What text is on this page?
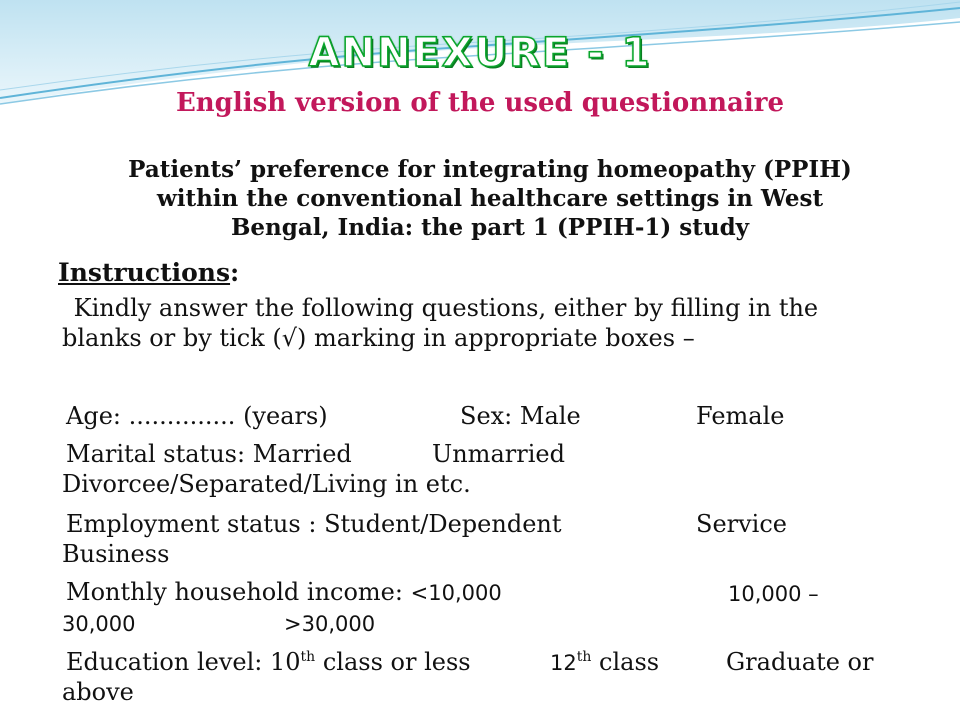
ANNEXURE - 1
English version of the used questionnaire
Patients’ preference for integrating homeopathy (PPIH)
within the conventional healthcare settings in West
Bengal, India: the part 1 (PPIH-1) study
Instructions:
Kindly answer the following questions, either by filling in the
blanks or by tick (√) marking in appropriate boxes –
Age: .............. (years)	Sex: Male	Female
Marital status: Married	Unmarried
Divorcee/Separated/Living in etc.
Employment status : Student/Dependent	Service
Business
Monthly household income: <10,000	10,000 –
30,000	>30,000
Education level: 10th class or less	12th class	Graduate or
above
